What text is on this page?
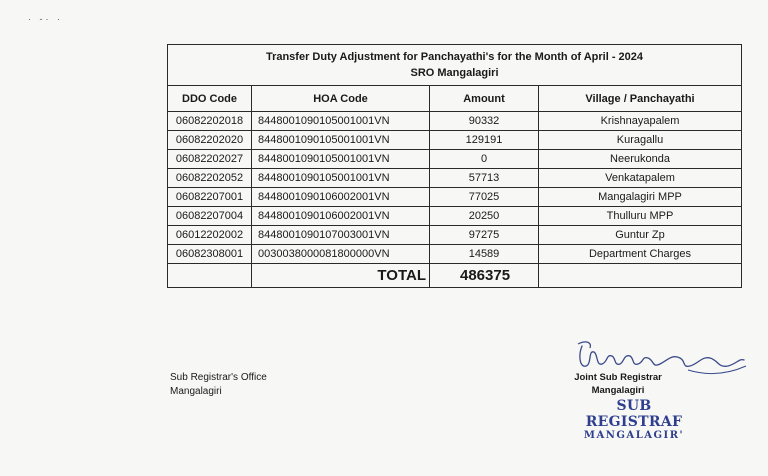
· -· ·
Transfer Duty Adjustment for Panchayathi's for the Month of April - 2024
SRO Mangalagiri			

DDO Code	HOA Code	Amount	Village / Panchayathi
06082202018	8448001090105001001VN	90332	Krishnayapalem
06082202020	8448001090105001001VN	129191	Kuragallu
06082202027	8448001090105001001VN	0	Neerukonda
06082202052	8448001090105001001VN	57713	Venkatapalem
06082207001	8448001090106002001VN	77025	Mangalagiri MPP
06082207004	8448001090106002001VN	20250	Thulluru MPP
06012202002	8448001090107003001VN	97275	Guntur Zp
06082308001	0030038000081800000VN	14589	Department Charges
	TOTAL	486375	
Sub Registrar's Office
Mangalagiri
Joint Sub Registrar
Mangalagiri
SUB REGISTRAF
MANGALAGIR'
